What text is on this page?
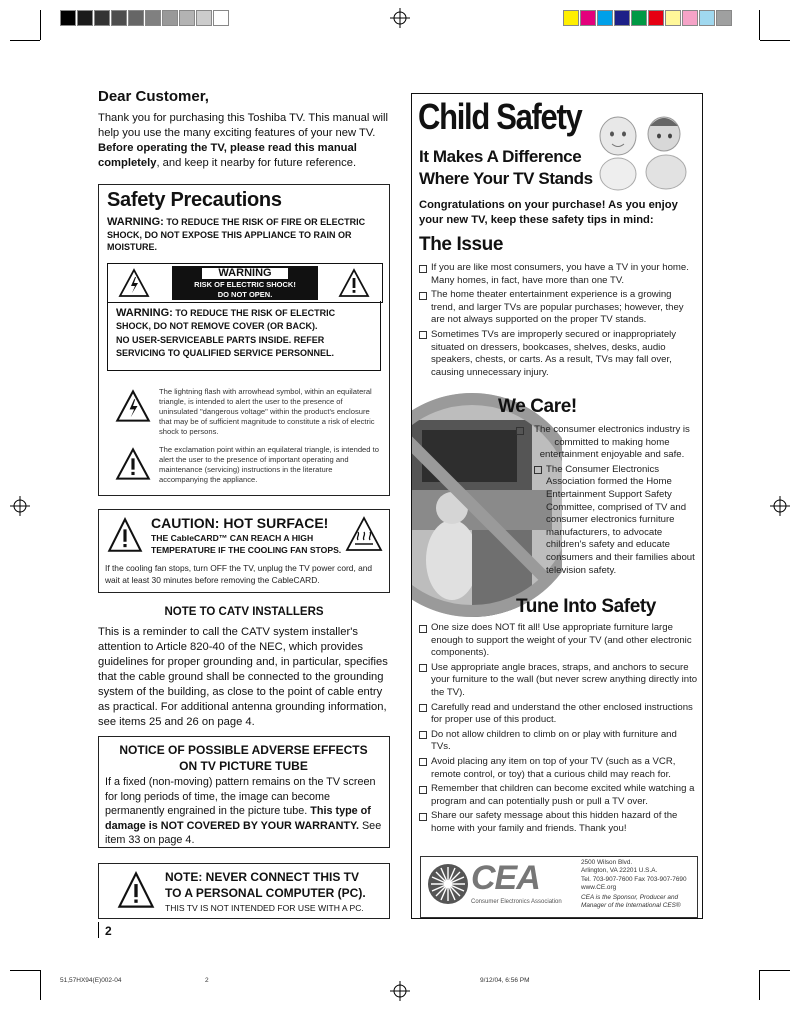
Dear Customer,

Thank you for purchasing this Toshiba TV. This manual will help you use the many exciting features of your new TV. Before operating the TV, please read this manual completely, and keep it nearby for future reference.

Safety Precautions
WARNING: TO REDUCE THE RISK OF FIRE OR ELECTRIC SHOCK, DO NOT EXPOSE THIS APPLIANCE TO RAIN OR MOISTURE.
WARNING
RISK OF ELECTRIC SHOCK!
DO NOT OPEN.
WARNING: TO REDUCE THE RISK OF ELECTRIC SHOCK, DO NOT REMOVE COVER (OR BACK).
NO USER-SERVICEABLE PARTS INSIDE. REFER SERVICING TO QUALIFIED SERVICE PERSONNEL.
The lightning flash with arrowhead symbol, within an equilateral triangle, is intended to alert the user to the presence of uninsulated "dangerous voltage" within the product's enclosure that may be of sufficient magnitude to constitute a risk of electric shock to persons.
The exclamation point within an equilateral triangle, is intended to alert the user to the presence of important operating and maintenance (servicing) instructions in the literature accompanying the appliance.
CAUTION: HOT SURFACE!
THE CableCARD™ CAN REACH A HIGH TEMPERATURE IF THE COOLING FAN STOPS.
If the cooling fan stops, turn OFF the TV, unplug the TV power cord, and wait at least 30 minutes before removing the CableCARD.
NOTE TO CATV INSTALLERS
This is a reminder to call the CATV system installer's attention to Article 820-40 of the NEC, which provides guidelines for proper grounding and, in particular, specifies that the cable ground shall be connected to the grounding system of the building, as close to the point of cable entry as practical. For additional antenna grounding information, see items 25 and 26 on page 4.
NOTICE OF POSSIBLE ADVERSE EFFECTS
ON TV PICTURE TUBE
If a fixed (non-moving) pattern remains on the TV screen for long periods of time, the image can become permanently engrained in the picture tube. This type of damage is NOT COVERED BY YOUR WARRANTY. See item 33 on page 4.
NOTE: NEVER CONNECT THIS TV
TO A PERSONAL COMPUTER (PC).
THIS TV IS NOT INTENDED FOR USE WITH A PC.
2
Child Safety
It Makes A Difference
Where Your TV Stands
Congratulations on your purchase! As you enjoy your new TV, keep these safety tips in mind:
The Issue
If you are like most consumers, you have a TV in your home. Many homes, in fact, have more than one TV.
The home theater entertainment experience is a growing trend, and larger TVs are popular purchases; however, they are not always supported on the proper TV stands.
Sometimes TVs are improperly secured or inappropriately situated on dressers, bookcases, shelves, desks, audio speakers, chests, or carts. As a result, TVs may fall over, causing unnecessary injury.
We Care!
The consumer electronics industry is committed to making home entertainment enjoyable and safe.
The Consumer Electronics Association formed the Home Entertainment Support Safety Committee, comprised of TV and consumer electronics furniture manufacturers, to advocate children's safety and educate consumers and their families about television safety.
Tune Into Safety
One size does NOT fit all! Use appropriate furniture large enough to support the weight of your TV (and other electronic components).
Use appropriate angle braces, straps, and anchors to secure your furniture to the wall (but never screw anything directly into the TV).
Carefully read and understand the other enclosed instructions for proper use of this product.
Do not allow children to climb on or play with furniture and TVs.
Avoid placing any item on top of your TV (such as a VCR, remote control, or toy) that a curious child may reach for.
Remember that children can become excited while watching a program and can potentially push or pull a TV over.
Share our safety message about this hidden hazard of the home with your family and friends. Thank you!
CEA
Consumer Electronics Association
2500 Wilson Blvd.
Arlington, VA 22201 U.S.A.
Tel. 703-907-7600 Fax 703-907-7690
www.CE.org
CEA is the Sponsor, Producer and
Manager of the International CES®
51,57HX94(E)002-04	2	9/12/04, 6:56 PM
